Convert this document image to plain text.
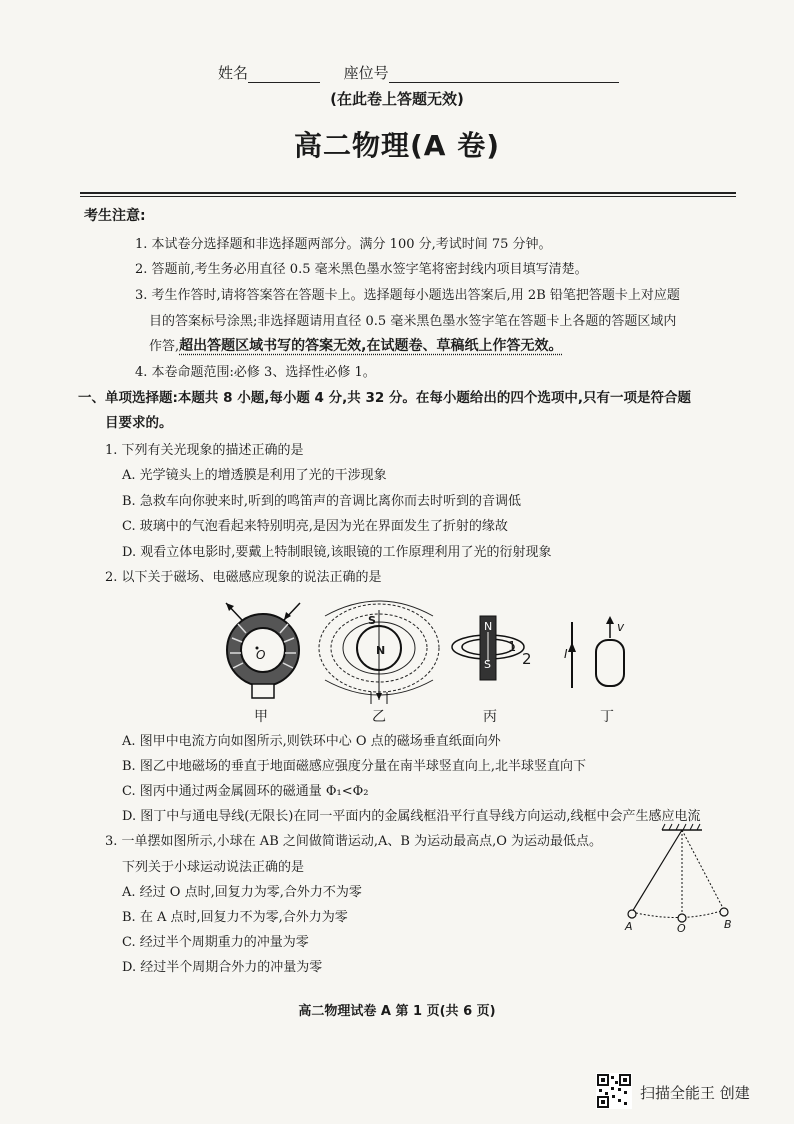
姓名	座位号
(在此卷上答题无效)
高二物理(A 卷)
考生注意:
1. 本试卷分选择题和非选择题两部分。满分 100 分,考试时间 75 分钟。
2. 答题前,考生务必用直径 0.5 毫米黑色墨水签字笔将密封线内项目填写清楚。
3. 考生作答时,请将答案答在答题卡上。选择题每小题选出答案后,用 2B 铅笔把答题卡上对应题
目的答案标号涂黑;非选择题请用直径 0.5 毫米黑色墨水签字笔在答题卡上各题的答题区域内
作答,超出答题区域书写的答案无效,在试题卷、草稿纸上作答无效。
4. 本卷命题范围:必修 3、选择性必修 1。
一、单项选择题:本题共 8 小题,每小题 4 分,共 32 分。在每小题给出的四个选项中,只有一项是符合题
目要求的。
1. 下列有关光现象的描述正确的是
A. 光学镜头上的增透膜是利用了光的干涉现象
B. 急救车向你驶来时,听到的鸣笛声的音调比离你而去时听到的音调低
C. 玻璃中的气泡看起来特别明亮,是因为光在界面发生了折射的缘故
D. 观看立体电影时,要戴上特制眼镜,该眼镜的工作原理利用了光的衍射现象
2. 以下关于磁场、电磁感应现象的说法正确的是
O
S
N
N
S
1
2	I
v
甲	乙	丙	丁
A. 图甲中电流方向如图所示,则铁环中心 O 点的磁场垂直纸面向外
B. 图乙中地磁场的垂直于地面磁感应强度分量在南半球竖直向上,北半球竖直向下
C. 图丙中通过两金属圆环的磁通量 Φ₁<Φ₂
D. 图丁中与通电导线(无限长)在同一平面内的金属线框沿平行直导线方向运动,线框中会产生感应电流
3. 一单摆如图所示,小球在 AB 之间做简谐运动,A、B 为运动最高点,O 为运动最低点。
下列关于小球运动说法正确的是
A. 经过 O 点时,回复力为零,合外力不为零
B. 在 A 点时,回复力不为零,合外力为零
C. 经过半个周期重力的冲量为零
D. 经过半个周期合外力的冲量为零
A	O	B
高二物理试卷 A 第 1 页(共 6 页)
扫描全能王 创建
